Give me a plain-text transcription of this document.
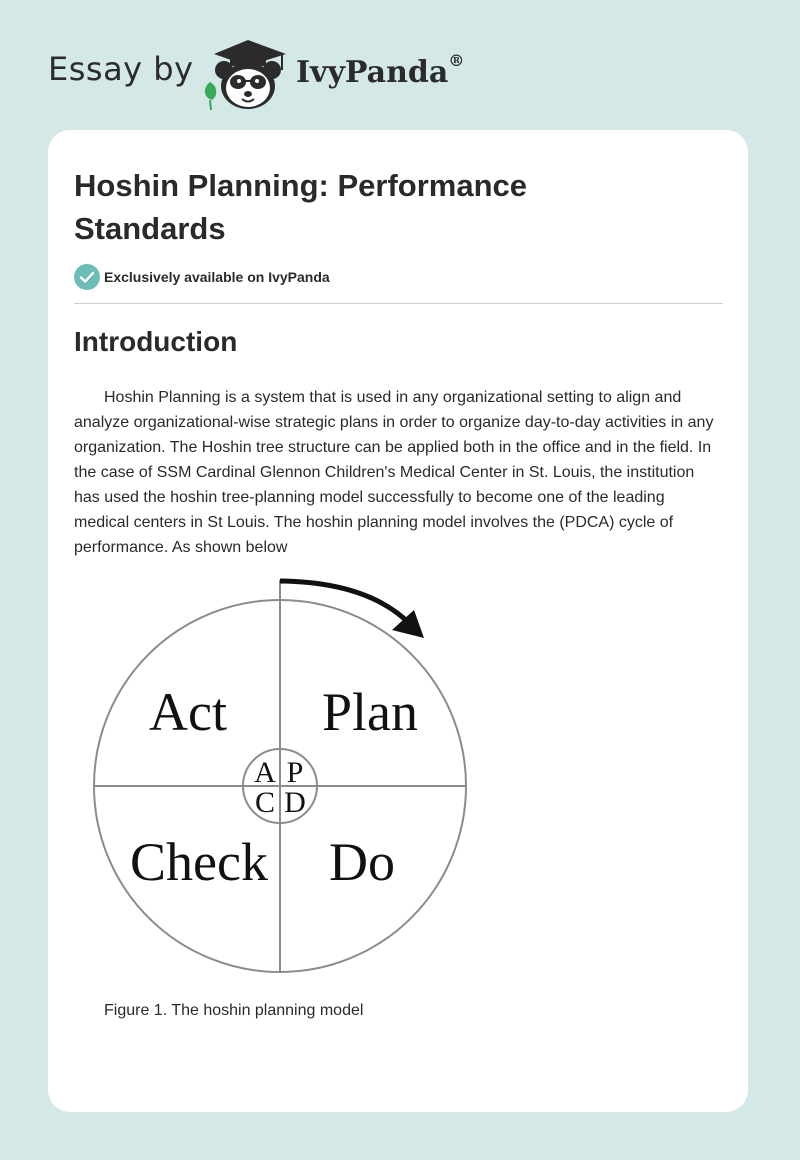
Essay by	IvyPanda®
Hoshin Planning: Performance Standards
Exclusively available on IvyPanda
Introduction

Hoshin Planning is a system that is used in any organizational setting to align and analyze organizational-wise strategic plans in order to organize day-to-day activities in any organization. The Hoshin tree structure can be applied both in the office and in the field. In the case of SSM Cardinal Glennon Children's Medical Center in St. Louis, the institution has used the hoshin tree-planning model successfully to become one of the leading medical centers in St Louis. The hoshin planning model involves the (PDCA) cycle of performance. As shown below

Act Plan
Check Do
A P
C D

Figure 1. The hoshin planning model
